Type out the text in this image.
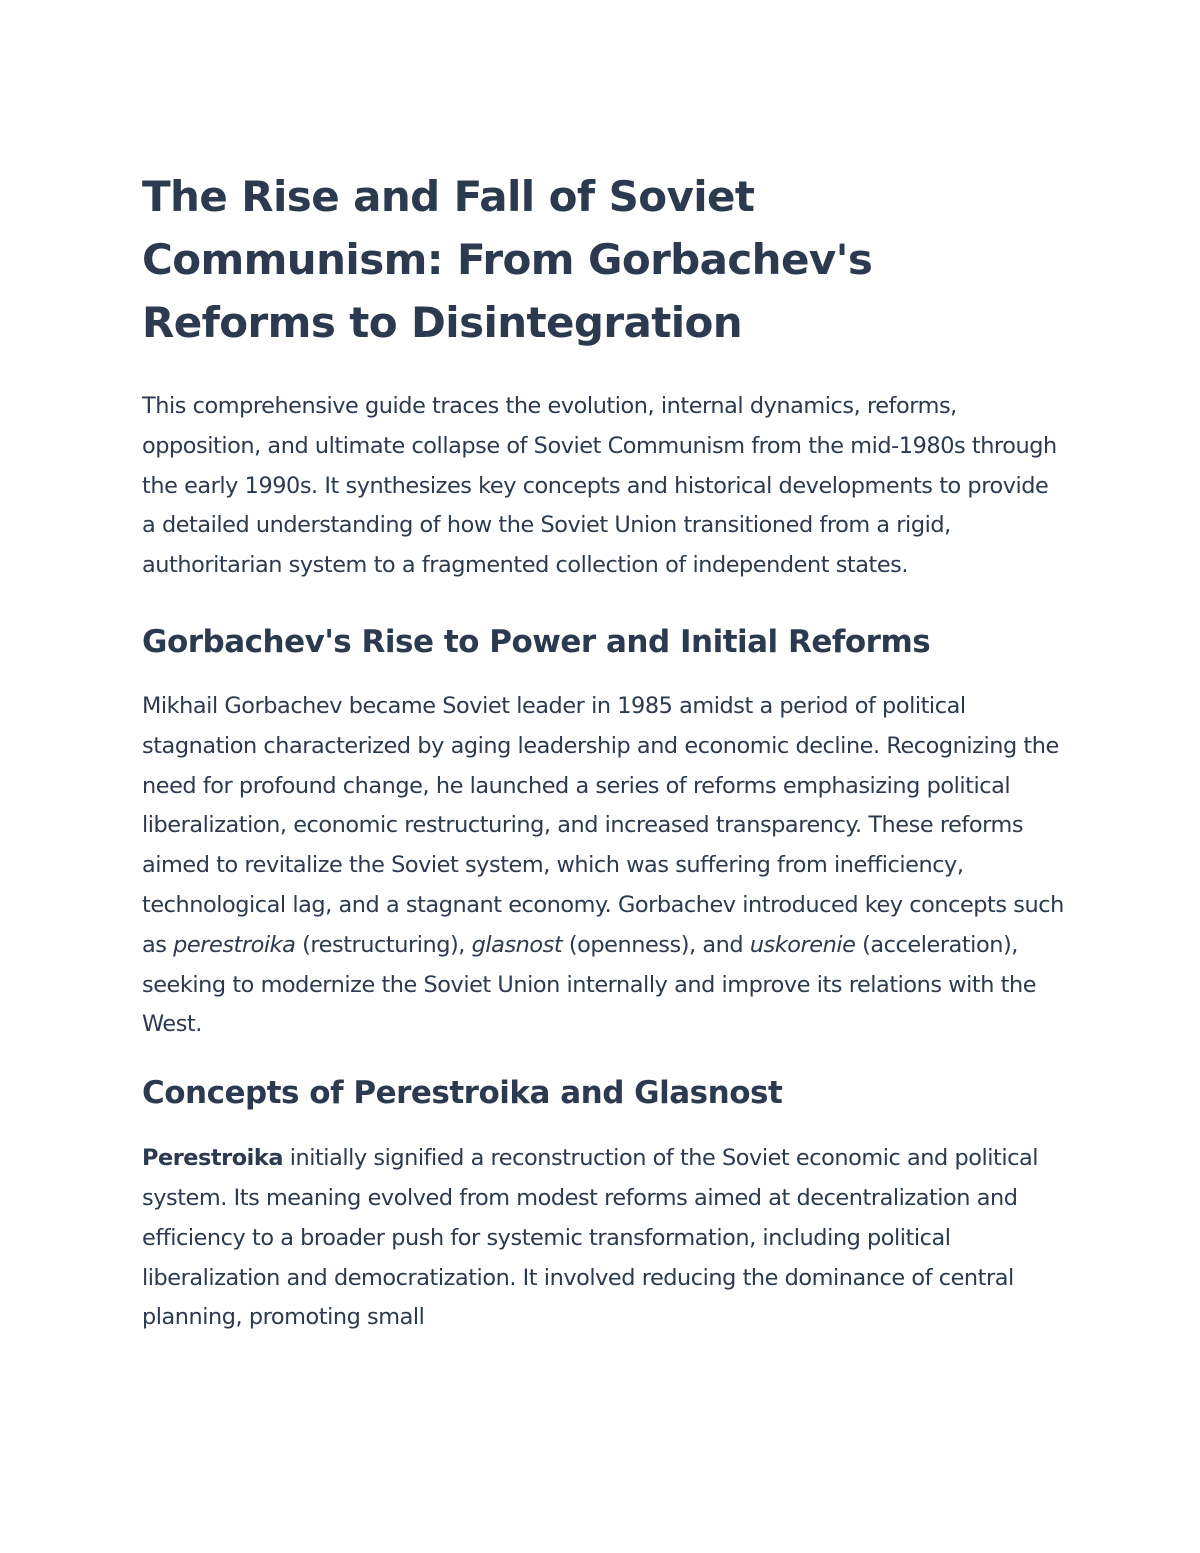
The Rise and Fall of Soviet Communism: From Gorbachev's Reforms to Disintegration

This comprehensive guide traces the evolution, internal dynamics, reforms, opposition, and ultimate collapse of Soviet Communism from the mid-1980s through the early 1990s. It synthesizes key concepts and historical developments to provide a detailed understanding of how the Soviet Union transitioned from a rigid, authoritarian system to a fragmented collection of independent states.

Gorbachev's Rise to Power and Initial Reforms

Mikhail Gorbachev became Soviet leader in 1985 amidst a period of political stagnation characterized by aging leadership and economic decline. Recognizing the need for profound change, he launched a series of reforms emphasizing political liberalization, economic restructuring, and increased transparency. These reforms aimed to revitalize the Soviet system, which was suffering from inefficiency, technological lag, and a stagnant economy. Gorbachev introduced key concepts such as perestroika (restructuring), glasnost (openness), and uskorenie (acceleration), seeking to modernize the Soviet Union internally and improve its relations with the West.

Concepts of Perestroika and Glasnost

Perestroika initially signified a reconstruction of the Soviet economic and political system. Its meaning evolved from modest reforms aimed at decentralization and efficiency to a broader push for systemic transformation, including political liberalization and democratization. It involved reducing the dominance of central planning, promoting small
